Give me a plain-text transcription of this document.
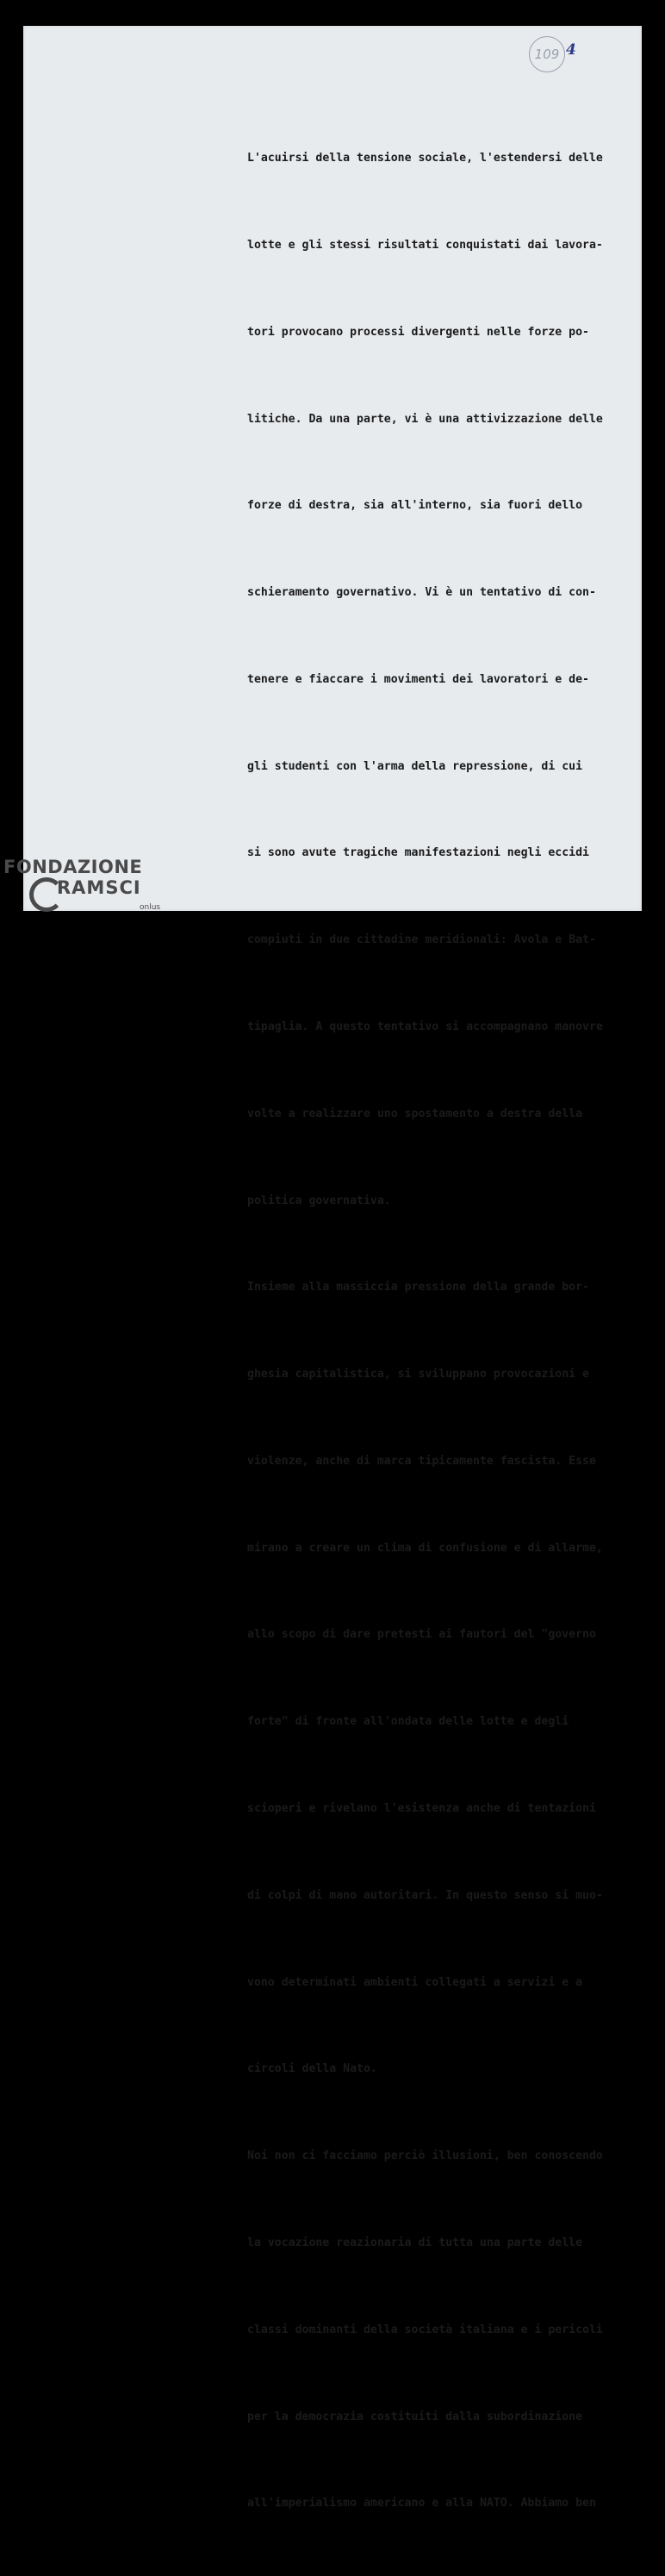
109 4

L'acuirsi della tensione sociale, l'estendersi delle

lotte e gli stessi risultati conquistati dai lavora-

tori provocano processi divergenti nelle forze po-

litiche. Da una parte, vi è una attivizzazione delle

forze di destra, sia all'interno, sia fuori dello

schieramento governativo. Vi è un tentativo di con-

tenere e fiaccare i movimenti dei lavoratori e de-

gli studenti con l'arma della repressione, di cui

si sono avute tragiche manifestazioni negli eccidi

compiuti in due cittadine meridionali: Avola e Bat-

tipaglia. A questo tentativo si accompagnano manovre

volte a realizzare uno spostamento a destra della

politica governativa.

Insieme alla massiccia pressione della grande bor-

ghesia capitalistica, si sviluppano provocazioni e

violenze, anche di marca tipicamente fascista. Esse

mirano a creare un clima di confusione e di allarme,

allo scopo di dare pretesti ai fautori del "governo

forte" di fronte all'ondata delle lotte e degli

scioperi e rivelano l'esistenza anche di tentazioni

di colpi di mano autoritari. In questo senso si muo-

vono determinati ambienti collegati a servizi e a

circoli della Nato.

Noi non ci facciamo perciò illusioni, ben conoscendo

la vocazione reazionaria di tutta una parte delle

classi dominanti della società italiana e i pericoli

per la democrazia costituiti dalla subordinazione

all'imperialismo americano e alla NATO. Abbiamo ben

FONDAZIONE
RAMSCI
onlus
